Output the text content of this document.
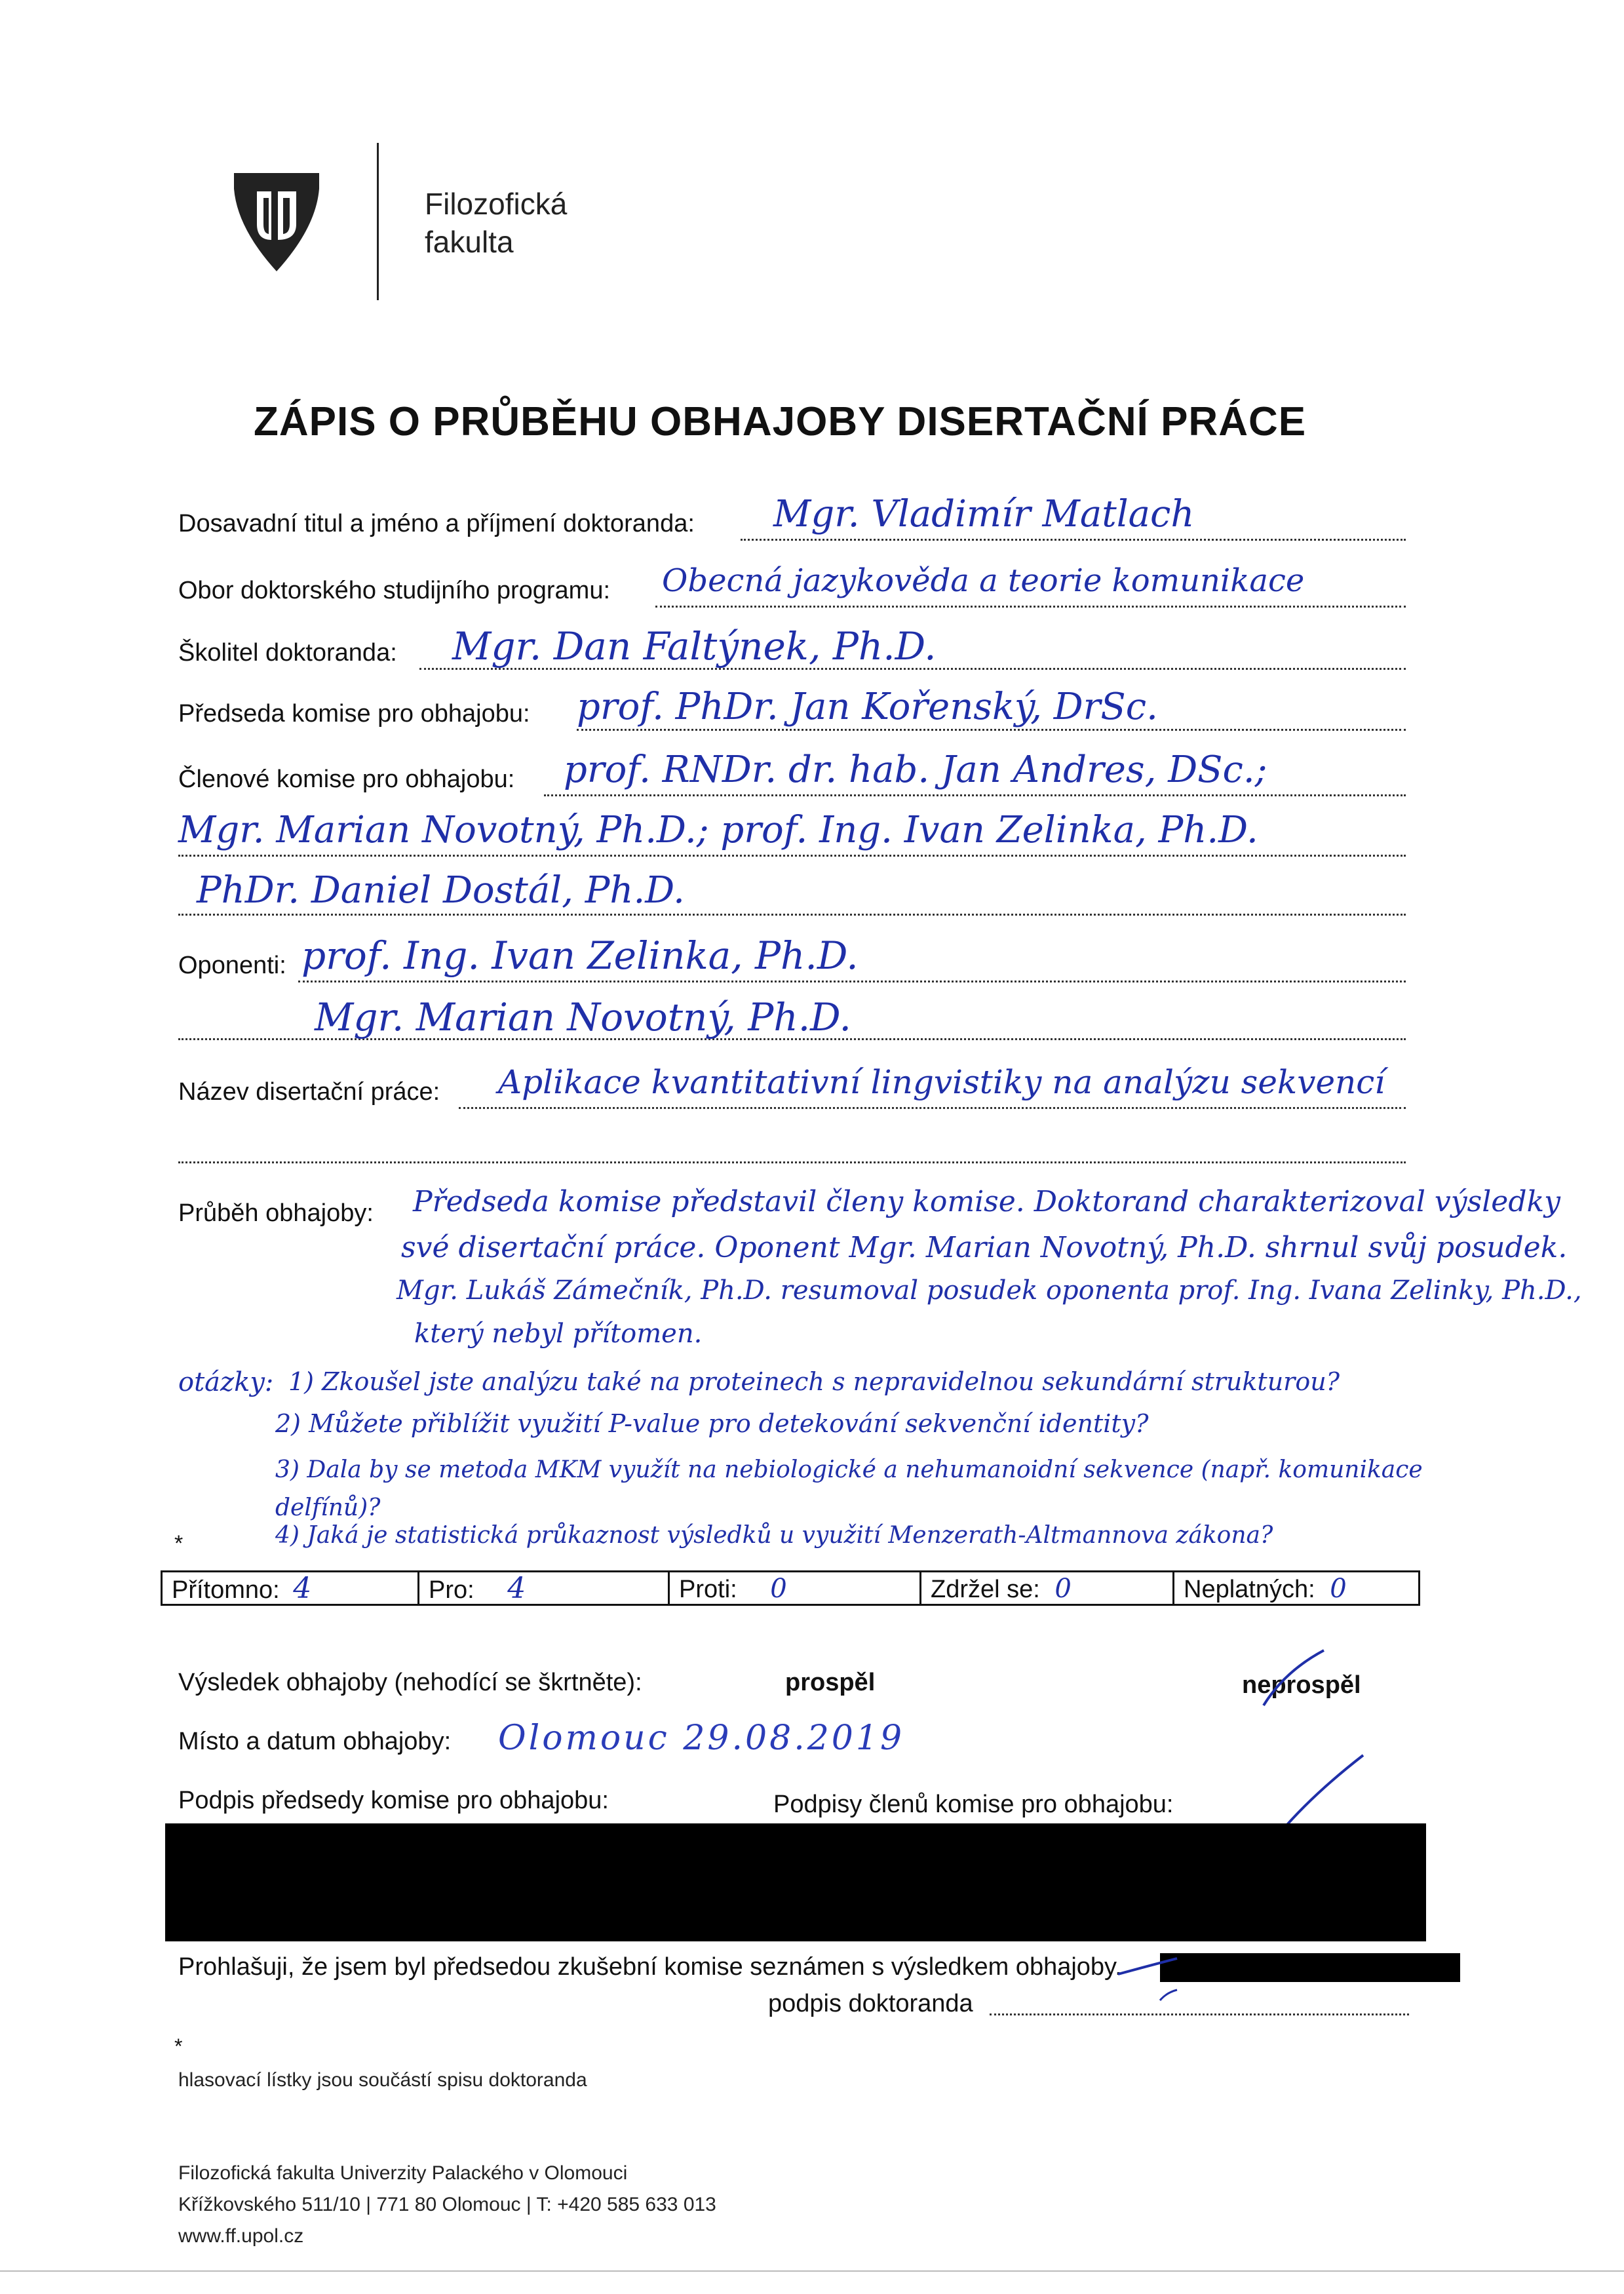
Filozofická
fakulta
ZÁPIS O PRŮBĚHU OBHAJOBY DISERTAČNÍ PRÁCE
Dosavadní titul a jméno a příjmení doktoranda: Mgr. Vladimír Matlach
Obor doktorského studijního programu: Obecná jazykověda a teorie komunikace
Školitel doktoranda: Mgr. Dan Faltýnek, Ph.D.
Předseda komise pro obhajobu: prof. PhDr. Jan Kořenský, DrSc.
Členové komise pro obhajobu: prof. RNDr. dr. hab. Jan Andres, DSc.;
Mgr. Marian Novotný, Ph.D.; prof. Ing. Ivan Zelinka, Ph.D.
PhDr. Daniel Dostál, Ph.D.
Oponenti: prof. Ing. Ivan Zelinka, Ph.D.
Mgr. Marian Novotný, Ph.D.
Název disertační práce: Aplikace kvantitativní lingvistiky na analýzu sekvencí
Průběh obhajoby: Předseda komise představil členy komise. Doktorand charakterizoval výsledky
své disertační práce. Oponent Mgr. Marian Novotný, Ph.D. shrnul svůj posudek.
Mgr. Lukáš Zámečník, Ph.D. resumoval posudek oponenta prof. Ing. Ivana Zelinky, Ph.D.,
který nebyl přítomen.
otázky: 1) Zkoušel jste analýzu také na proteinech s nepravidelnou sekundární strukturou?
2) Můžete přiblížit využití P-value pro detekování sekvenční identity?
3) Dala by se metoda MKM využít na nebiologické a nehumanoidní sekvence (např. komunikace delfínů)?
*	4) Jaká je statistická průkaznost výsledků u využití Menzerath-Altmannova zákona?
Přítomno: 4	Pro: 4	Proti: 0	Zdržel se: 0	Neplatných: 0
Výsledek obhajoby (nehodící se škrtněte):	prospěl	neprospěl
Místo a datum obhajoby: Olomouc 29.08.2019
Podpis předsedy komise pro obhajobu:	Podpisy členů komise pro obhajobu:
Prohlašuji, že jsem byl předsedou zkušební komise seznámen s výsledkem obhajoby.
podpis doktoranda
*
hlasovací lístky jsou součástí spisu doktoranda
Filozofická fakulta Univerzity Palackého v Olomouci
Křížkovského 511/10 | 771 80 Olomouc | T: +420 585 633 013
www.ff.upol.cz
